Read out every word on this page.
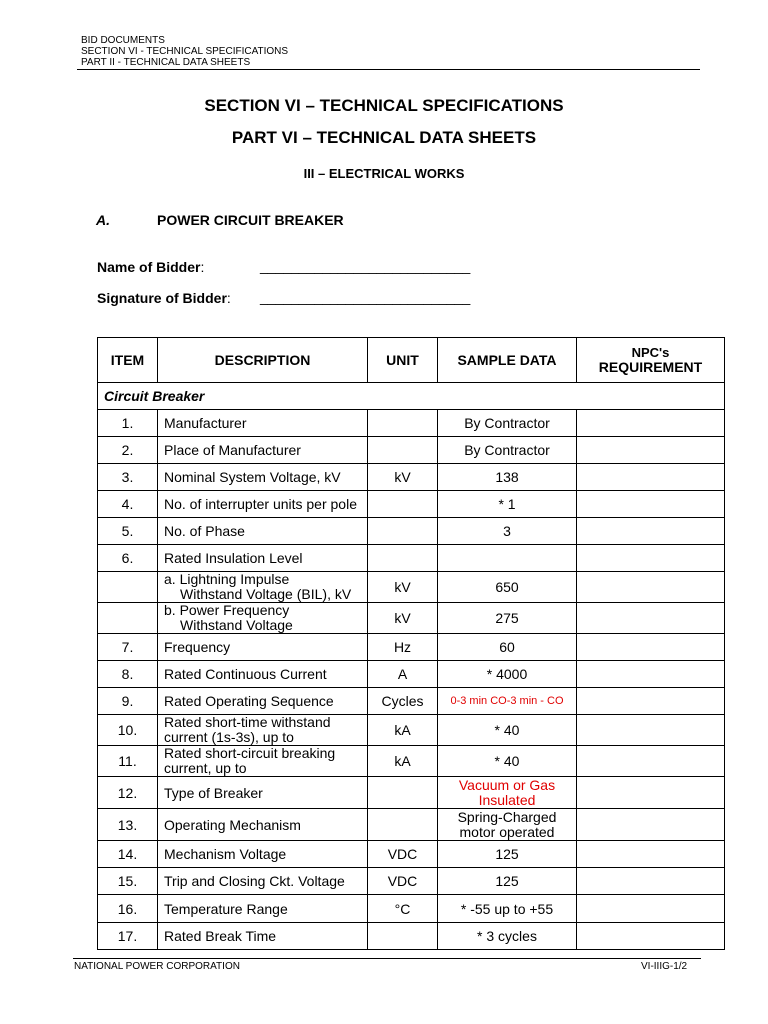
BID DOCUMENTS
SECTION VI - TECHNICAL SPECIFICATIONS
PART II - TECHNICAL DATA SHEETS
SECTION VI – TECHNICAL SPECIFICATIONS
PART VI – TECHNICAL DATA SHEETS
III – ELECTRICAL WORKS
A.	POWER CIRCUIT BREAKER
Name of Bidder:	___________________________
Signature of Bidder: ___________________________
ITEM	DESCRIPTION	UNIT	SAMPLE DATA	NPC's
REQUIREMENT

Circuit Breaker				
1.	Manufacturer		By Contractor	
2.	Place of Manufacturer		By Contractor	
3.	Nominal System Voltage, kV	kV	138	
4.	No. of interrupter units per pole		* 1	
5.	No. of Phase		3	
6.	Rated Insulation Level			

	a. Lightning Impulse
Withstand Voltage (BIL), kV	kV	650	

	b. Power Frequency
Withstand Voltage	kV	275	
7.	Frequency	Hz	60	
8.	Rated Continuous Current	A	* 4000	
9.	Rated Operating Sequence	Cycles	0-3 min CO-3 min - CO	
10.	Rated short-time withstand
current (1s-3s), up to	kA	* 40	
11.	Rated short-circuit breaking
current, up to	kA	* 40	
12.	Type of Breaker		Vacuum or Gas
Insulated	

13.	Operating Mechanism		Spring-Charged
motor operated	

14.	Mechanism Voltage	VDC	125	
15.	Trip and Closing Ckt. Voltage	VDC	125	
16.	Temperature Range	°C	* -55 up to +55	
17.	Rated Break Time		* 3 cycles	
NATIONAL POWER CORPORATION	VI-IIIG-1/2
